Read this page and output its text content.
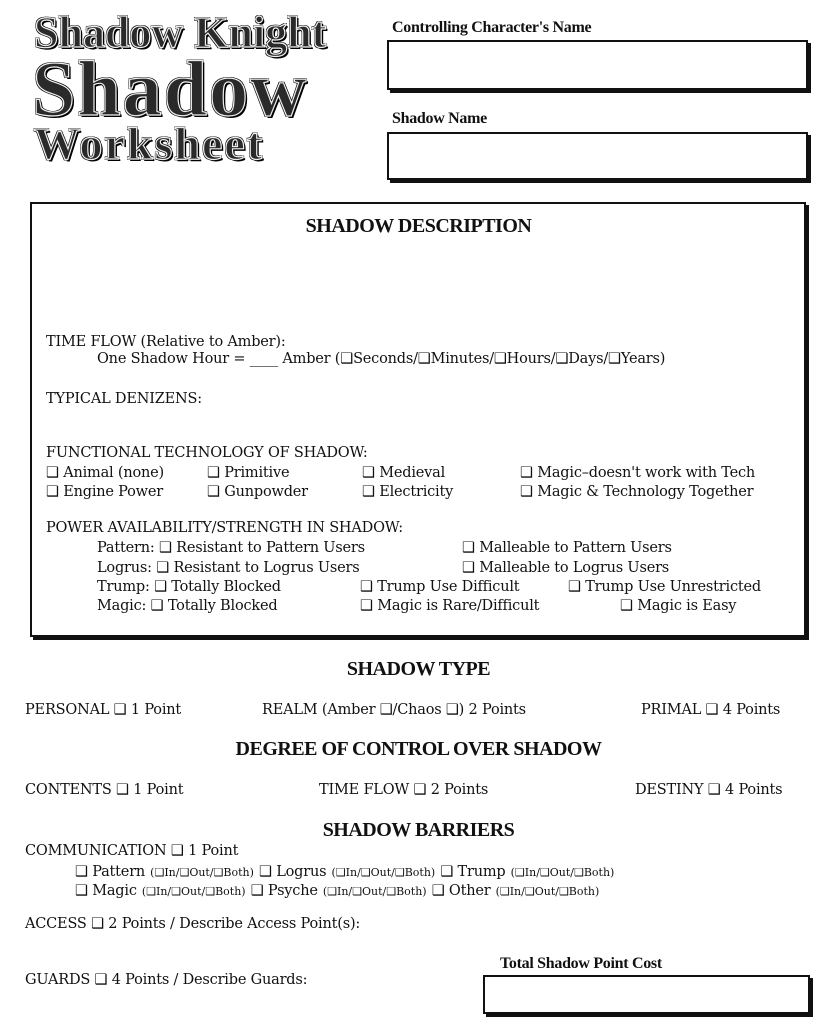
Shadow Knight
Shadow
Worksheet
Controlling Character's Name
Shadow Name
SHADOW DESCRIPTION
TIME FLOW (Relative to Amber):
One Shadow Hour = ____ Amber (❑Seconds/❑Minutes/❑Hours/❑Days/❑Years)
TYPICAL DENIZENS:
FUNCTIONAL TECHNOLOGY OF SHADOW:
❑ Animal (none)	❑ Primitive	❑ Medieval	❑ Magic–doesn't work with Tech
❑ Engine Power	❑ Gunpowder	❑ Electricity	❑ Magic & Technology Together
POWER AVAILABILITY/STRENGTH IN SHADOW:
Pattern: ❑ Resistant to Pattern Users	❑ Malleable to Pattern Users
Logrus: ❑ Resistant to Logrus Users	❑ Malleable to Logrus Users
Trump: ❑ Totally Blocked	❑ Trump Use Difficult	❑ Trump Use Unrestricted
Magic: ❑ Totally Blocked	❑ Magic is Rare/Difficult	❑ Magic is Easy
SHADOW TYPE
PERSONAL ❑ 1 Point	REALM (Amber ❑/Chaos ❑) 2 Points	PRIMAL ❑ 4 Points
DEGREE OF CONTROL OVER SHADOW
CONTENTS ❑ 1 Point	TIME FLOW ❑ 2 Points	DESTINY ❑ 4 Points
SHADOW BARRIERS
COMMUNICATION ❑ 1 Point
❑ Pattern (❑In/❑Out/❑Both) ❑ Logrus (❑In/❑Out/❑Both) ❑ Trump (❑In/❑Out/❑Both)
❑ Magic (❑In/❑Out/❑Both) ❑ Psyche (❑In/❑Out/❑Both) ❑ Other (❑In/❑Out/❑Both)
ACCESS ❑ 2 Points / Describe Access Point(s):
GUARDS ❑ 4 Points / Describe Guards:
Total Shadow Point Cost
